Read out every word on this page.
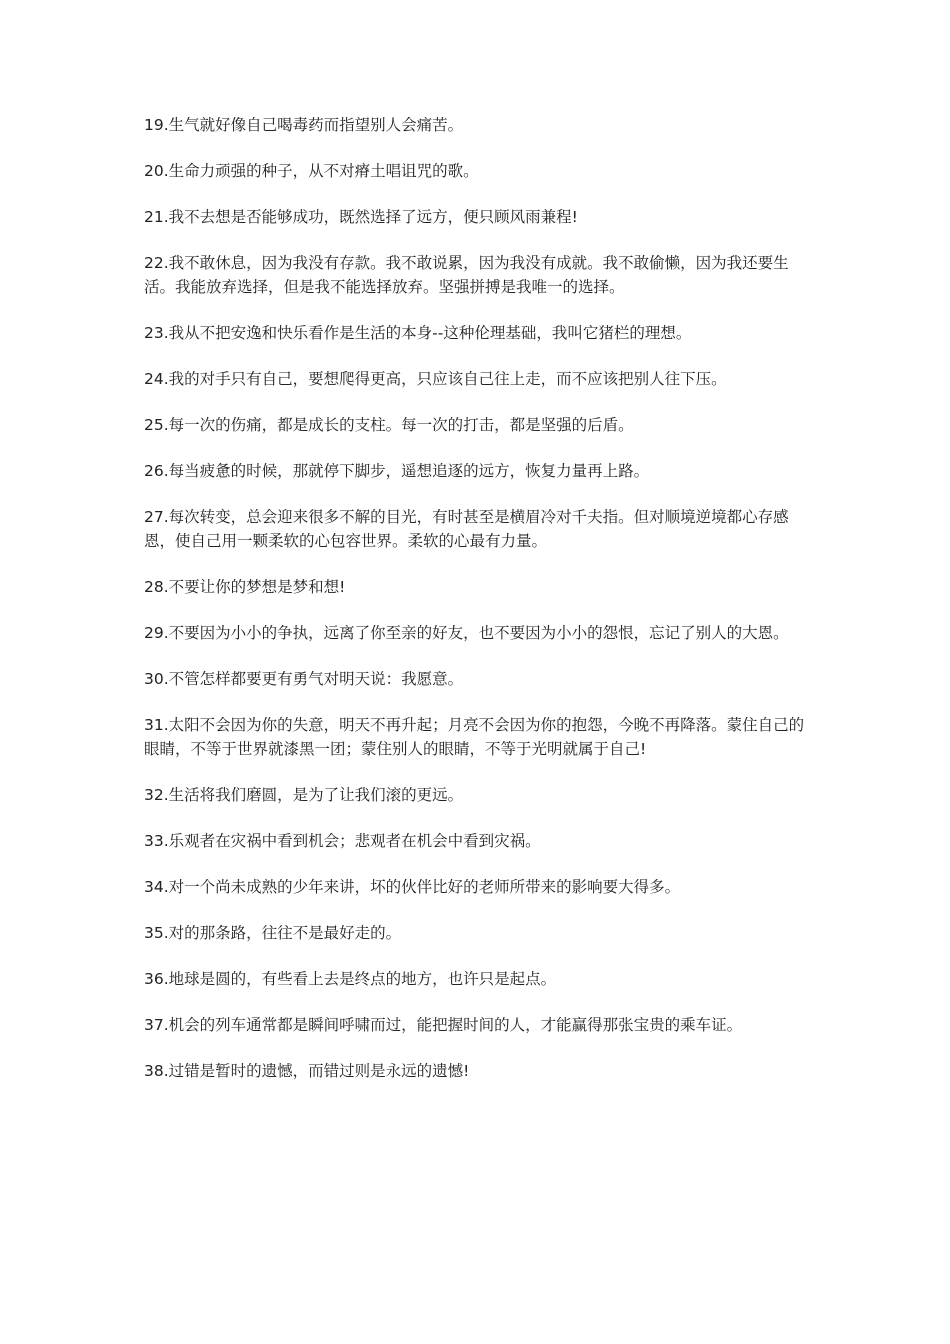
19.生气就好像自己喝毒药而指望别人会痛苦。

20.生命力顽强的种子，从不对瘠土唱诅咒的歌。

21.我不去想是否能够成功，既然选择了远方，便只顾风雨兼程!

22.我不敢休息，因为我没有存款。我不敢说累，因为我没有成就。我不敢偷懒，因为我还要生活。我能放弃选择，但是我不能选择放弃。坚强拼搏是我唯一的选择。

23.我从不把安逸和快乐看作是生活的本身--这种伦理基础，我叫它猪栏的理想。

24.我的对手只有自己，要想爬得更高，只应该自己往上走，而不应该把别人往下压。

25.每一次的伤痛，都是成长的支柱。每一次的打击，都是坚强的后盾。

26.每当疲惫的时候，那就停下脚步，遥想追逐的远方，恢复力量再上路。

27.每次转变，总会迎来很多不解的目光，有时甚至是横眉冷对千夫指。但对顺境逆境都心存感恩，使自己用一颗柔软的心包容世界。柔软的心最有力量。

28.不要让你的梦想是梦和想!

29.不要因为小小的争执，远离了你至亲的好友，也不要因为小小的怨恨，忘记了别人的大恩。

30.不管怎样都要更有勇气对明天说：我愿意。

31.太阳不会因为你的失意，明天不再升起；月亮不会因为你的抱怨，今晚不再降落。蒙住自己的眼睛，不等于世界就漆黑一团；蒙住别人的眼睛，不等于光明就属于自己!

32.生活将我们磨圆，是为了让我们滚的更远。

33.乐观者在灾祸中看到机会；悲观者在机会中看到灾祸。

34.对一个尚未成熟的少年来讲，坏的伙伴比好的老师所带来的影响要大得多。

35.对的那条路，往往不是最好走的。

36.地球是圆的，有些看上去是终点的地方，也许只是起点。

37.机会的列车通常都是瞬间呼啸而过，能把握时间的人，才能赢得那张宝贵的乘车证。

38.过错是暂时的遗憾，而错过则是永远的遗憾!
